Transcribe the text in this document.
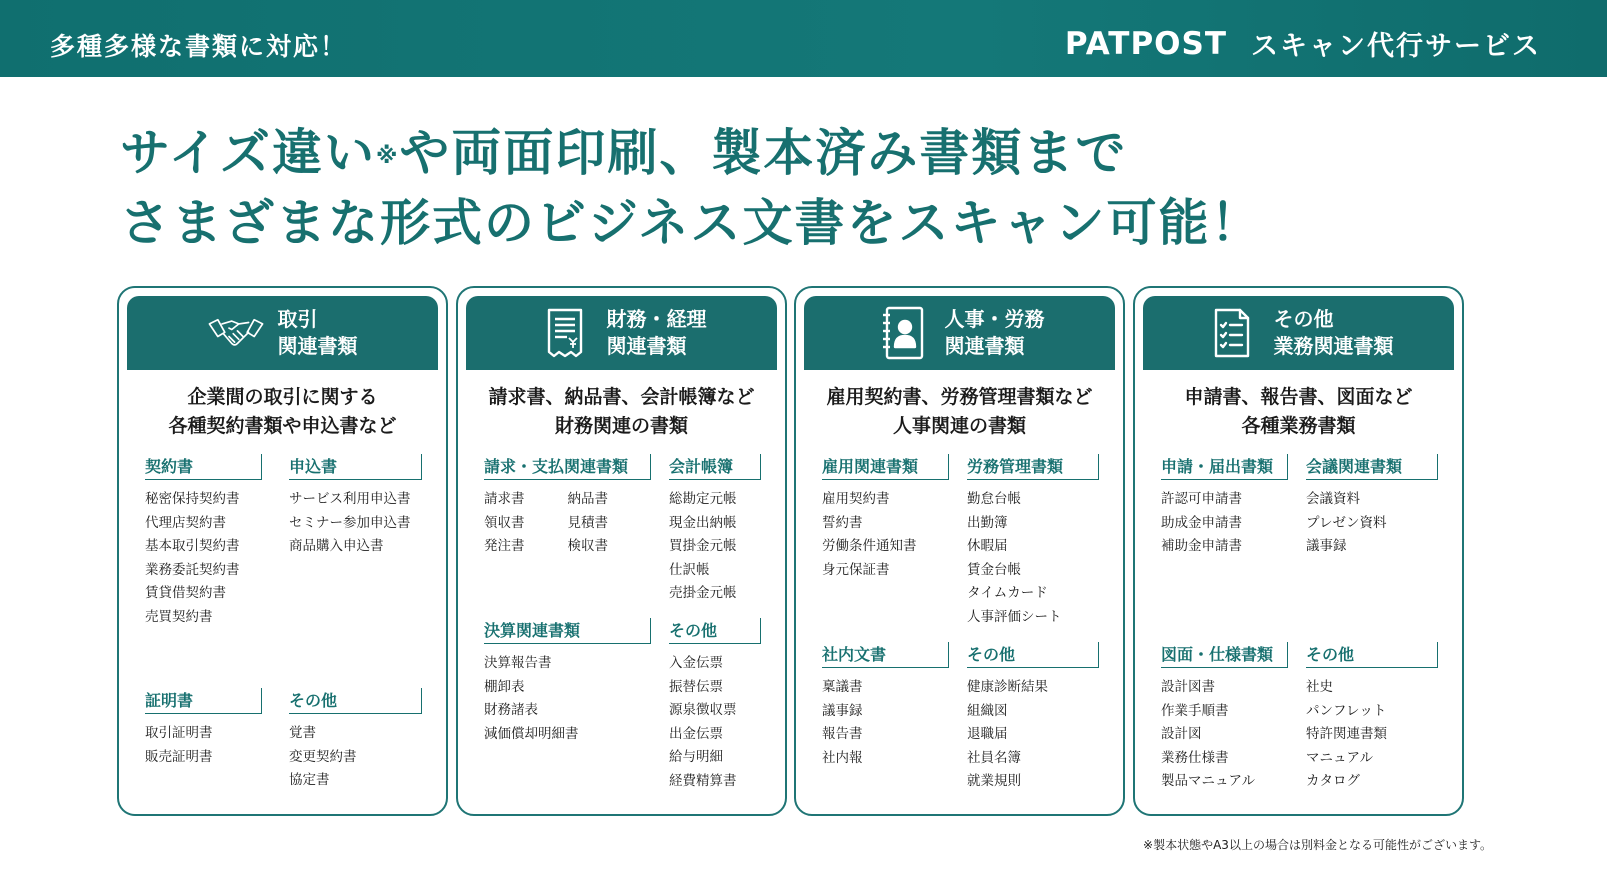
多種多様な書類に対応！	PATPOST スキャン代行サービス
サイズ違い※や両面印刷、製本済み書類まで
さまざまな形式のビジネス文書をスキャン可能！
取引
関連書類
企業間の取引に関する
各種契約書類や申込書など
契約書
秘密保持契約書
代理店契約書
基本取引契約書
業務委託契約書
賃貸借契約書
売買契約書
申込書
サービス利用申込書
セミナー参加申込書
商品購入申込書
証明書
取引証明書
販売証明書
その他
覚書
変更契約書
協定書
財務・経理
関連書類
請求書、納品書、会計帳簿など
財務関連の書類
請求・支払関連書類
請求書
領収書
発注書
納品書
見積書
検収書
会計帳簿
総勘定元帳
現金出納帳
買掛金元帳
仕訳帳
売掛金元帳
決算関連書類
決算報告書
棚卸表
財務諸表
減価償却明細書
その他
入金伝票
振替伝票
源泉徴収票
出金伝票
給与明細
経費精算書
人事・労務
関連書類
雇用契約書、労務管理書類など
人事関連の書類
雇用関連書類
雇用契約書
誓約書
労働条件通知書
身元保証書
労務管理書類
勤怠台帳
出勤簿
休暇届
賃金台帳
タイムカード
人事評価シート
社内文書
稟議書
議事録
報告書
社内報
その他
健康診断結果
組織図
退職届
社員名簿
就業規則
その他
業務関連書類
申請書、報告書、図面など
各種業務書類
申請・届出書類
許認可申請書
助成金申請書
補助金申請書
会議関連書類
会議資料
プレゼン資料
議事録
図面・仕様書類
設計図書
作業手順書
設計図
業務仕様書
製品マニュアル
その他
社史
パンフレット
特許関連書類
マニュアル
カタログ
※製本状態やA3以上の場合は別料金となる可能性がございます。
